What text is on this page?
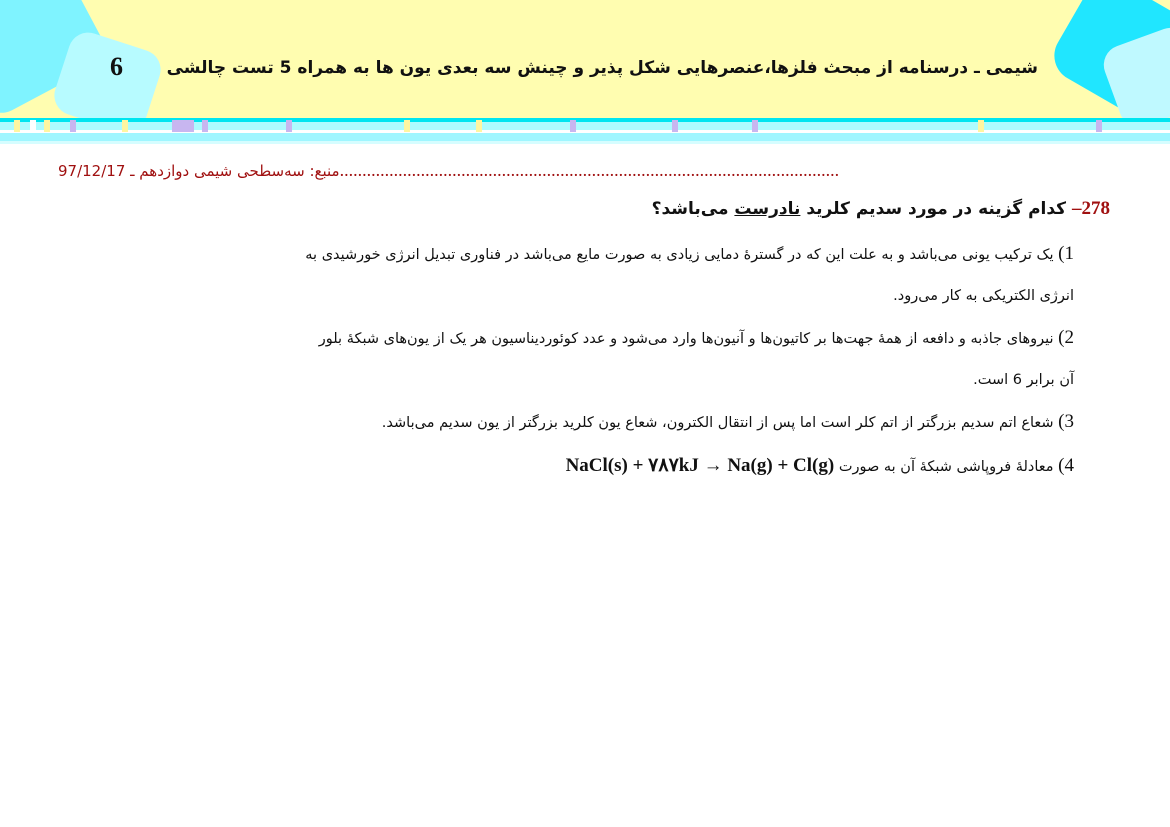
6	شیمی ـ درسنامه از مبحث فلزها،عنصرهایی شکل پذیر و چینش سه بعدی یون ها به همراه 5 تست چالشی
منبع: سه‌سطحی شیمی دوازدهم ـ 97/12/17...............................................................................................................
278– کدام گزینه در مورد سدیم کلرید نادرست می‌باشد؟
1) یک ترکیب یونی می‌باشد و به علت این که در گسترۀ دمایی زیادی به صورت مایع می‌باشد در فناوری تبدیل انرژی خورشیدی به
انرژی الکتریکی به کار می‌رود.
2) نیروهای جاذبه و دافعه از همۀ جهت‌ها بر کاتیون‌ها و آنیون‌ها وارد می‌شود و عدد کوئوردیناسیون هر یک از یون‌های شبکۀ بلور
آن برابر 6 است.
3) شعاع اتم سدیم بزرگتر از اتم کلر است اما پس از انتقال الکترون، شعاع یون کلرید بزرگتر از یون سدیم می‌باشد.
4) معادلۀ فروپاشی شبکۀ آن به صورت NaCl(s) + ۷۸۷kJ → Na(g) + Cl(g)
